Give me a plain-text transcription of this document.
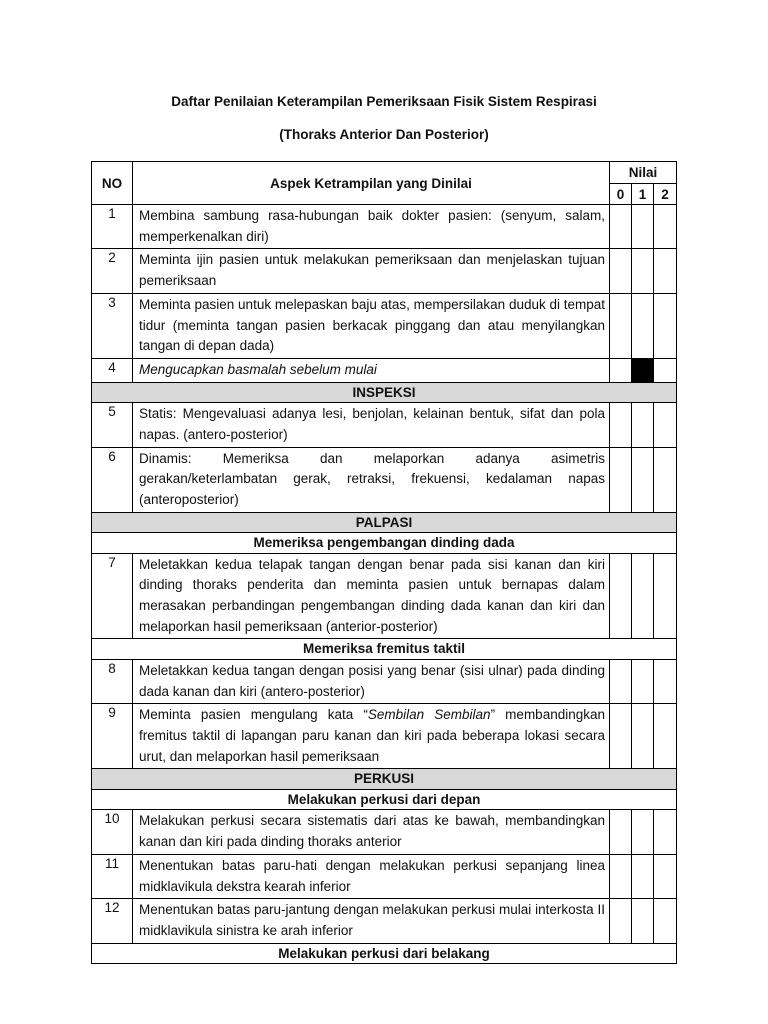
Daftar Penilaian Keterampilan Pemeriksaan Fisik Sistem Respirasi
(Thoraks Anterior Dan Posterior)
NO	Aspek Ketrampilan yang Dinilai	Nilai		
		0	1	2
1	Membina sambung rasa-hubungan baik dokter pasien: (senyum, salam, memperkenalkan diri)			
2	Meminta ijin pasien untuk melakukan pemeriksaan dan menjelaskan tujuan pemeriksaan			
3	Meminta pasien untuk melepaskan baju atas, mempersilakan duduk di tempat tidur (meminta tangan pasien berkacak pinggang dan atau menyilangkan tangan di depan dada)			
4	Mengucapkan basmalah sebelum mulai			
INSPEKSI				
5	Statis: Mengevaluasi adanya lesi, benjolan, kelainan bentuk, sifat dan pola napas. (antero-posterior)			
6	Dinamis: Memeriksa dan melaporkan adanya asimetris gerakan/keterlambatan gerak, retraksi, frekuensi, kedalaman napas (anteroposterior)			
PALPASI				
Memeriksa pengembangan dinding dada				
7	Meletakkan kedua telapak tangan dengan benar pada sisi kanan dan kiri dinding thoraks penderita dan meminta pasien untuk bernapas dalam merasakan perbandingan pengembangan dinding dada kanan dan kiri dan melaporkan hasil pemeriksaan (anterior-posterior)			
Memeriksa fremitus taktil				
8	Meletakkan kedua tangan dengan posisi yang benar (sisi ulnar) pada dinding dada kanan dan kiri (antero-posterior)			
9	Meminta pasien mengulang kata “Sembilan Sembilan” membandingkan fremitus taktil di lapangan paru kanan dan kiri pada beberapa lokasi secara urut, dan melaporkan hasil pemeriksaan			
PERKUSI				
Melakukan perkusi dari depan				
10	Melakukan perkusi secara sistematis dari atas ke bawah, membandingkan kanan dan kiri pada dinding thoraks anterior			
11	Menentukan batas paru-hati dengan melakukan perkusi sepanjang linea midklavikula dekstra kearah inferior			
12	Menentukan batas paru-jantung dengan melakukan perkusi mulai interkosta II midklavikula sinistra ke arah inferior			
Melakukan perkusi dari belakang				
